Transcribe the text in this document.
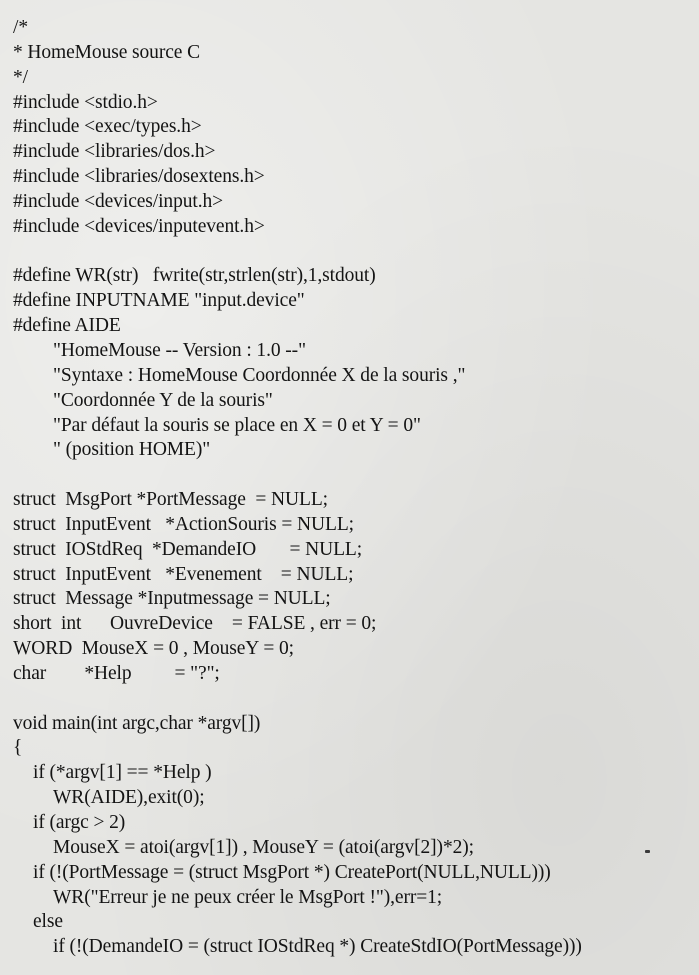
/*
* HomeMouse source C
*/
#include <stdio.h>
#include <exec/types.h>
#include <libraries/dos.h>
#include <libraries/dosextens.h>
#include <devices/input.h>
#include <devices/inputevent.h>
#define WR(str)   fwrite(str,strlen(str),1,stdout)
#define INPUTNAME "input.device"
#define AIDE
"HomeMouse -- Version : 1.0 --"
"Syntaxe : HomeMouse Coordonnée X de la souris ,"
"Coordonnée Y de la souris"
"Par défaut la souris se place en X = 0 et Y = 0"
" (position HOME)"
struct  MsgPort *PortMessage  = NULL;
struct  InputEvent   *ActionSouris = NULL;
struct  IOStdReq  *DemandeIO       = NULL;
struct  InputEvent   *Evenement    = NULL;
struct  Message *Inputmessage = NULL;
short  int      OuvreDevice    = FALSE , err = 0;
WORD  MouseX = 0 , MouseY = 0;
char        *Help         = "?";
void main(int argc,char *argv[])
{
if (*argv[1] == *Help )
WR(AIDE),exit(0);
if (argc > 2)
MouseX = atoi(argv[1]) , MouseY = (atoi(argv[2])*2);
if (!(PortMessage = (struct MsgPort *) CreatePort(NULL,NULL)))
WR("Erreur je ne peux créer le MsgPort !"),err=1;
else
if (!(DemandeIO = (struct IOStdReq *) CreateStdIO(PortMessage)))
